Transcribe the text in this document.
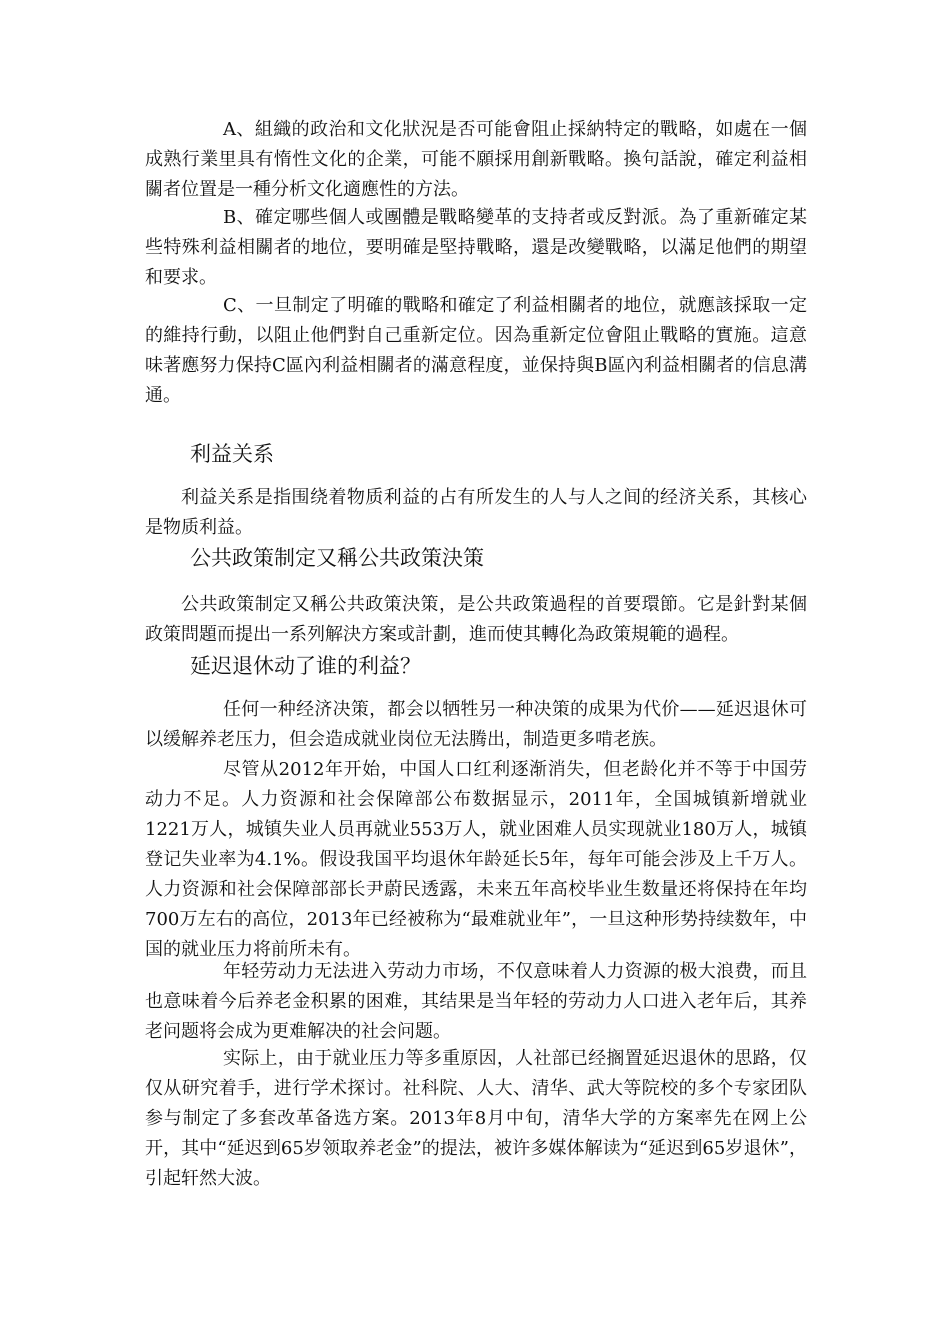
A、組織的政治和文化狀況是否可能會阻止採納特定的戰略，如處在一個成熟行業里具有惰性文化的企業，可能不願採用創新戰略。換句話說，確定利益相關者位置是一種分析文化適應性的方法。

B、確定哪些個人或團體是戰略變革的支持者或反對派。為了重新確定某些特殊利益相關者的地位，要明確是堅持戰略，還是改變戰略，以滿足他們的期望和要求。

C、一旦制定了明確的戰略和確定了利益相關者的地位，就應該採取一定的維持行動，以阻止他們對自己重新定位。因為重新定位會阻止戰略的實施。這意味著應努力保持C區內利益相關者的滿意程度，並保持與B區內利益相關者的信息溝通。

利益关系

利益关系是指围绕着物质利益的占有所发生的人与人之间的经济关系，其核心是物质利益。

公共政策制定又稱公共政策決策

公共政策制定又稱公共政策決策，是公共政策過程的首要環節。它是針對某個政策問題而提出一系列解決方案或計劃，進而使其轉化為政策規範的過程。

延迟退休动了谁的利益？

任何一种经济决策，都会以牺牲另一种决策的成果为代价——延迟退休可以缓解养老压力，但会造成就业岗位无法腾出，制造更多啃老族。

尽管从2012年开始，中国人口红利逐渐消失，但老龄化并不等于中国劳动力不足。人力资源和社会保障部公布数据显示，2011年，全国城镇新增就业1221万人，城镇失业人员再就业553万人，就业困难人员实现就业180万人，城镇登记失业率为4.1%。假设我国平均退休年龄延长5年，每年可能会涉及上千万人。人力资源和社会保障部部长尹蔚民透露，未来五年高校毕业生数量还将保持在年均700万左右的高位，2013年已经被称为“最难就业年”，一旦这种形势持续数年，中国的就业压力将前所未有。

年轻劳动力无法进入劳动力市场，不仅意味着人力资源的极大浪费，而且也意味着今后养老金积累的困难，其结果是当年轻的劳动力人口进入老年后，其养老问题将会成为更难解决的社会问题。

实际上，由于就业压力等多重原因，人社部已经搁置延迟退休的思路，仅仅从研究着手，进行学术探讨。社科院、人大、清华、武大等院校的多个专家团队参与制定了多套改革备选方案。2013年8月中旬，清华大学的方案率先在网上公开，其中“延迟到65岁领取养老金”的提法，被许多媒体解读为“延迟到65岁退休”，引起轩然大波。
